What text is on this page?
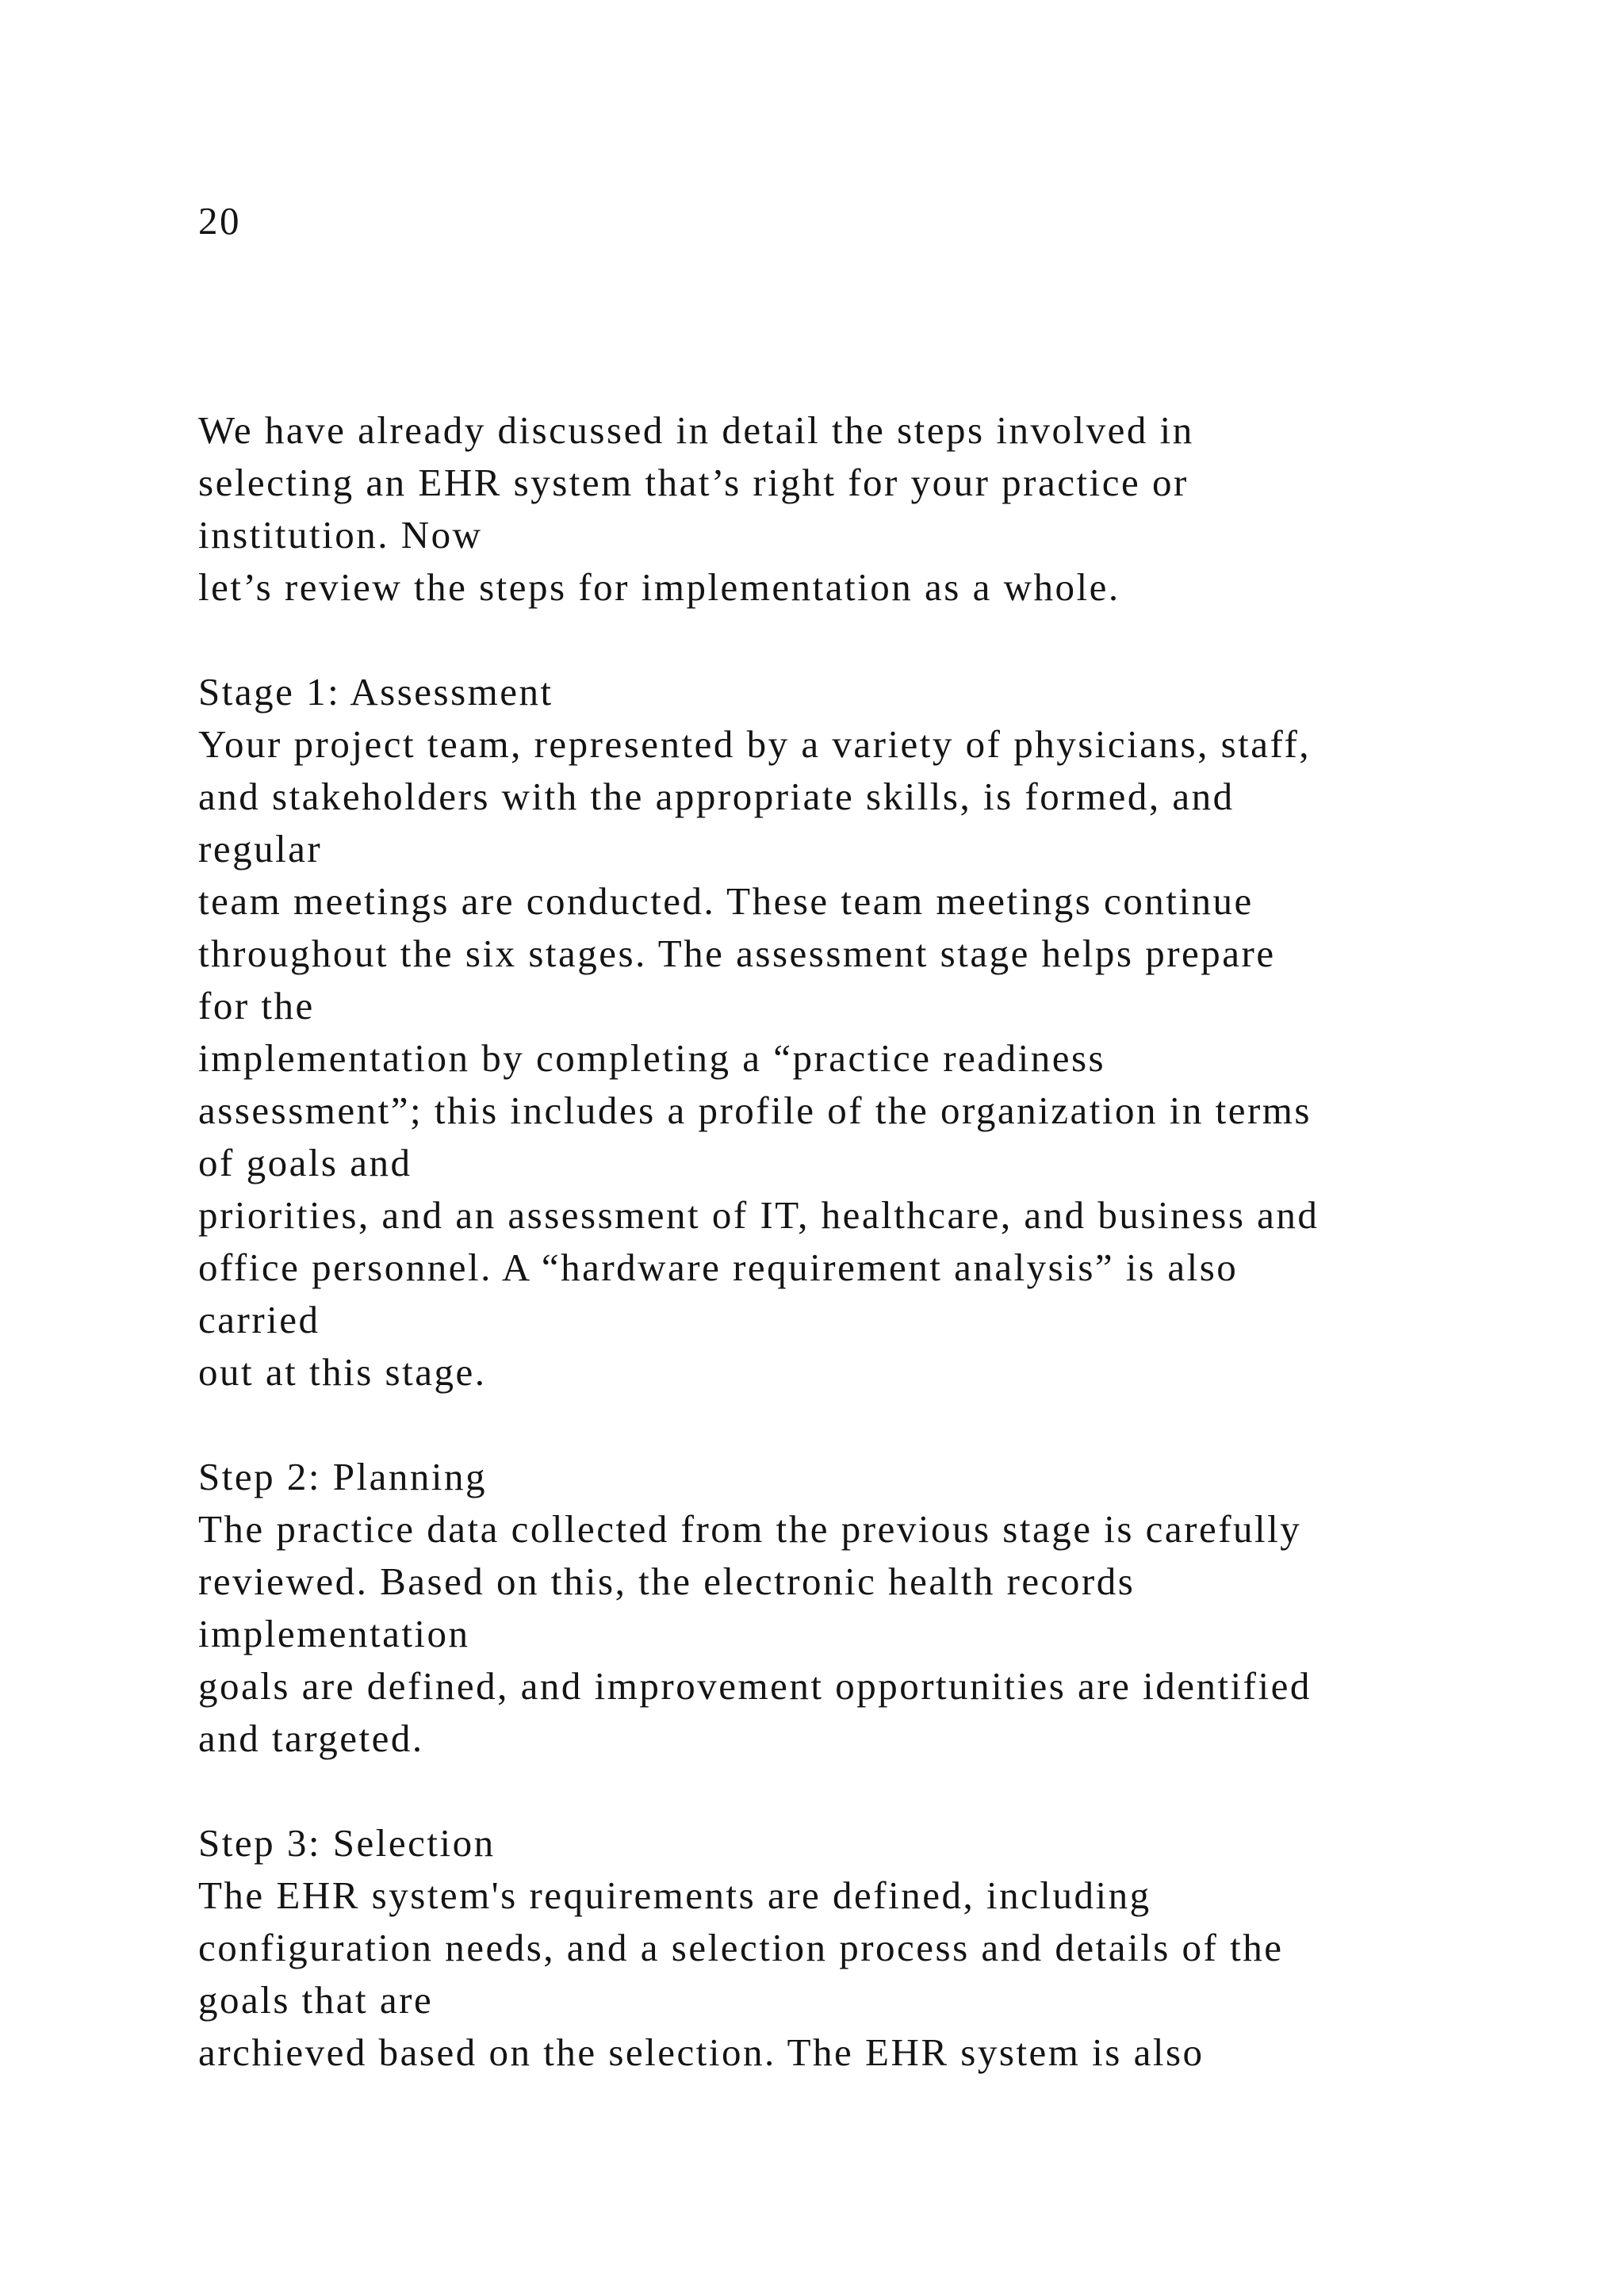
20
We have already discussed in detail the steps involved in
selecting an EHR system that’s right for your practice or
institution. Now
let’s review the steps for implementation as a whole.
Stage 1: Assessment
Your project team, represented by a variety of physicians, staff,
and stakeholders with the appropriate skills, is formed, and
regular
team meetings are conducted. These team meetings continue
throughout the six stages. The assessment stage helps prepare
for the
implementation by completing a “practice readiness
assessment”; this includes a profile of the organization in terms
of goals and
priorities, and an assessment of IT, healthcare, and business and
office personnel. A “hardware requirement analysis” is also
carried
out at this stage.
Step 2: Planning
The practice data collected from the previous stage is carefully
reviewed. Based on this, the electronic health records
implementation
goals are defined, and improvement opportunities are identified
and targeted.
Step 3: Selection
The EHR system's requirements are defined, including
configuration needs, and a selection process and details of the
goals that are
archieved based on the selection. The EHR system is also
